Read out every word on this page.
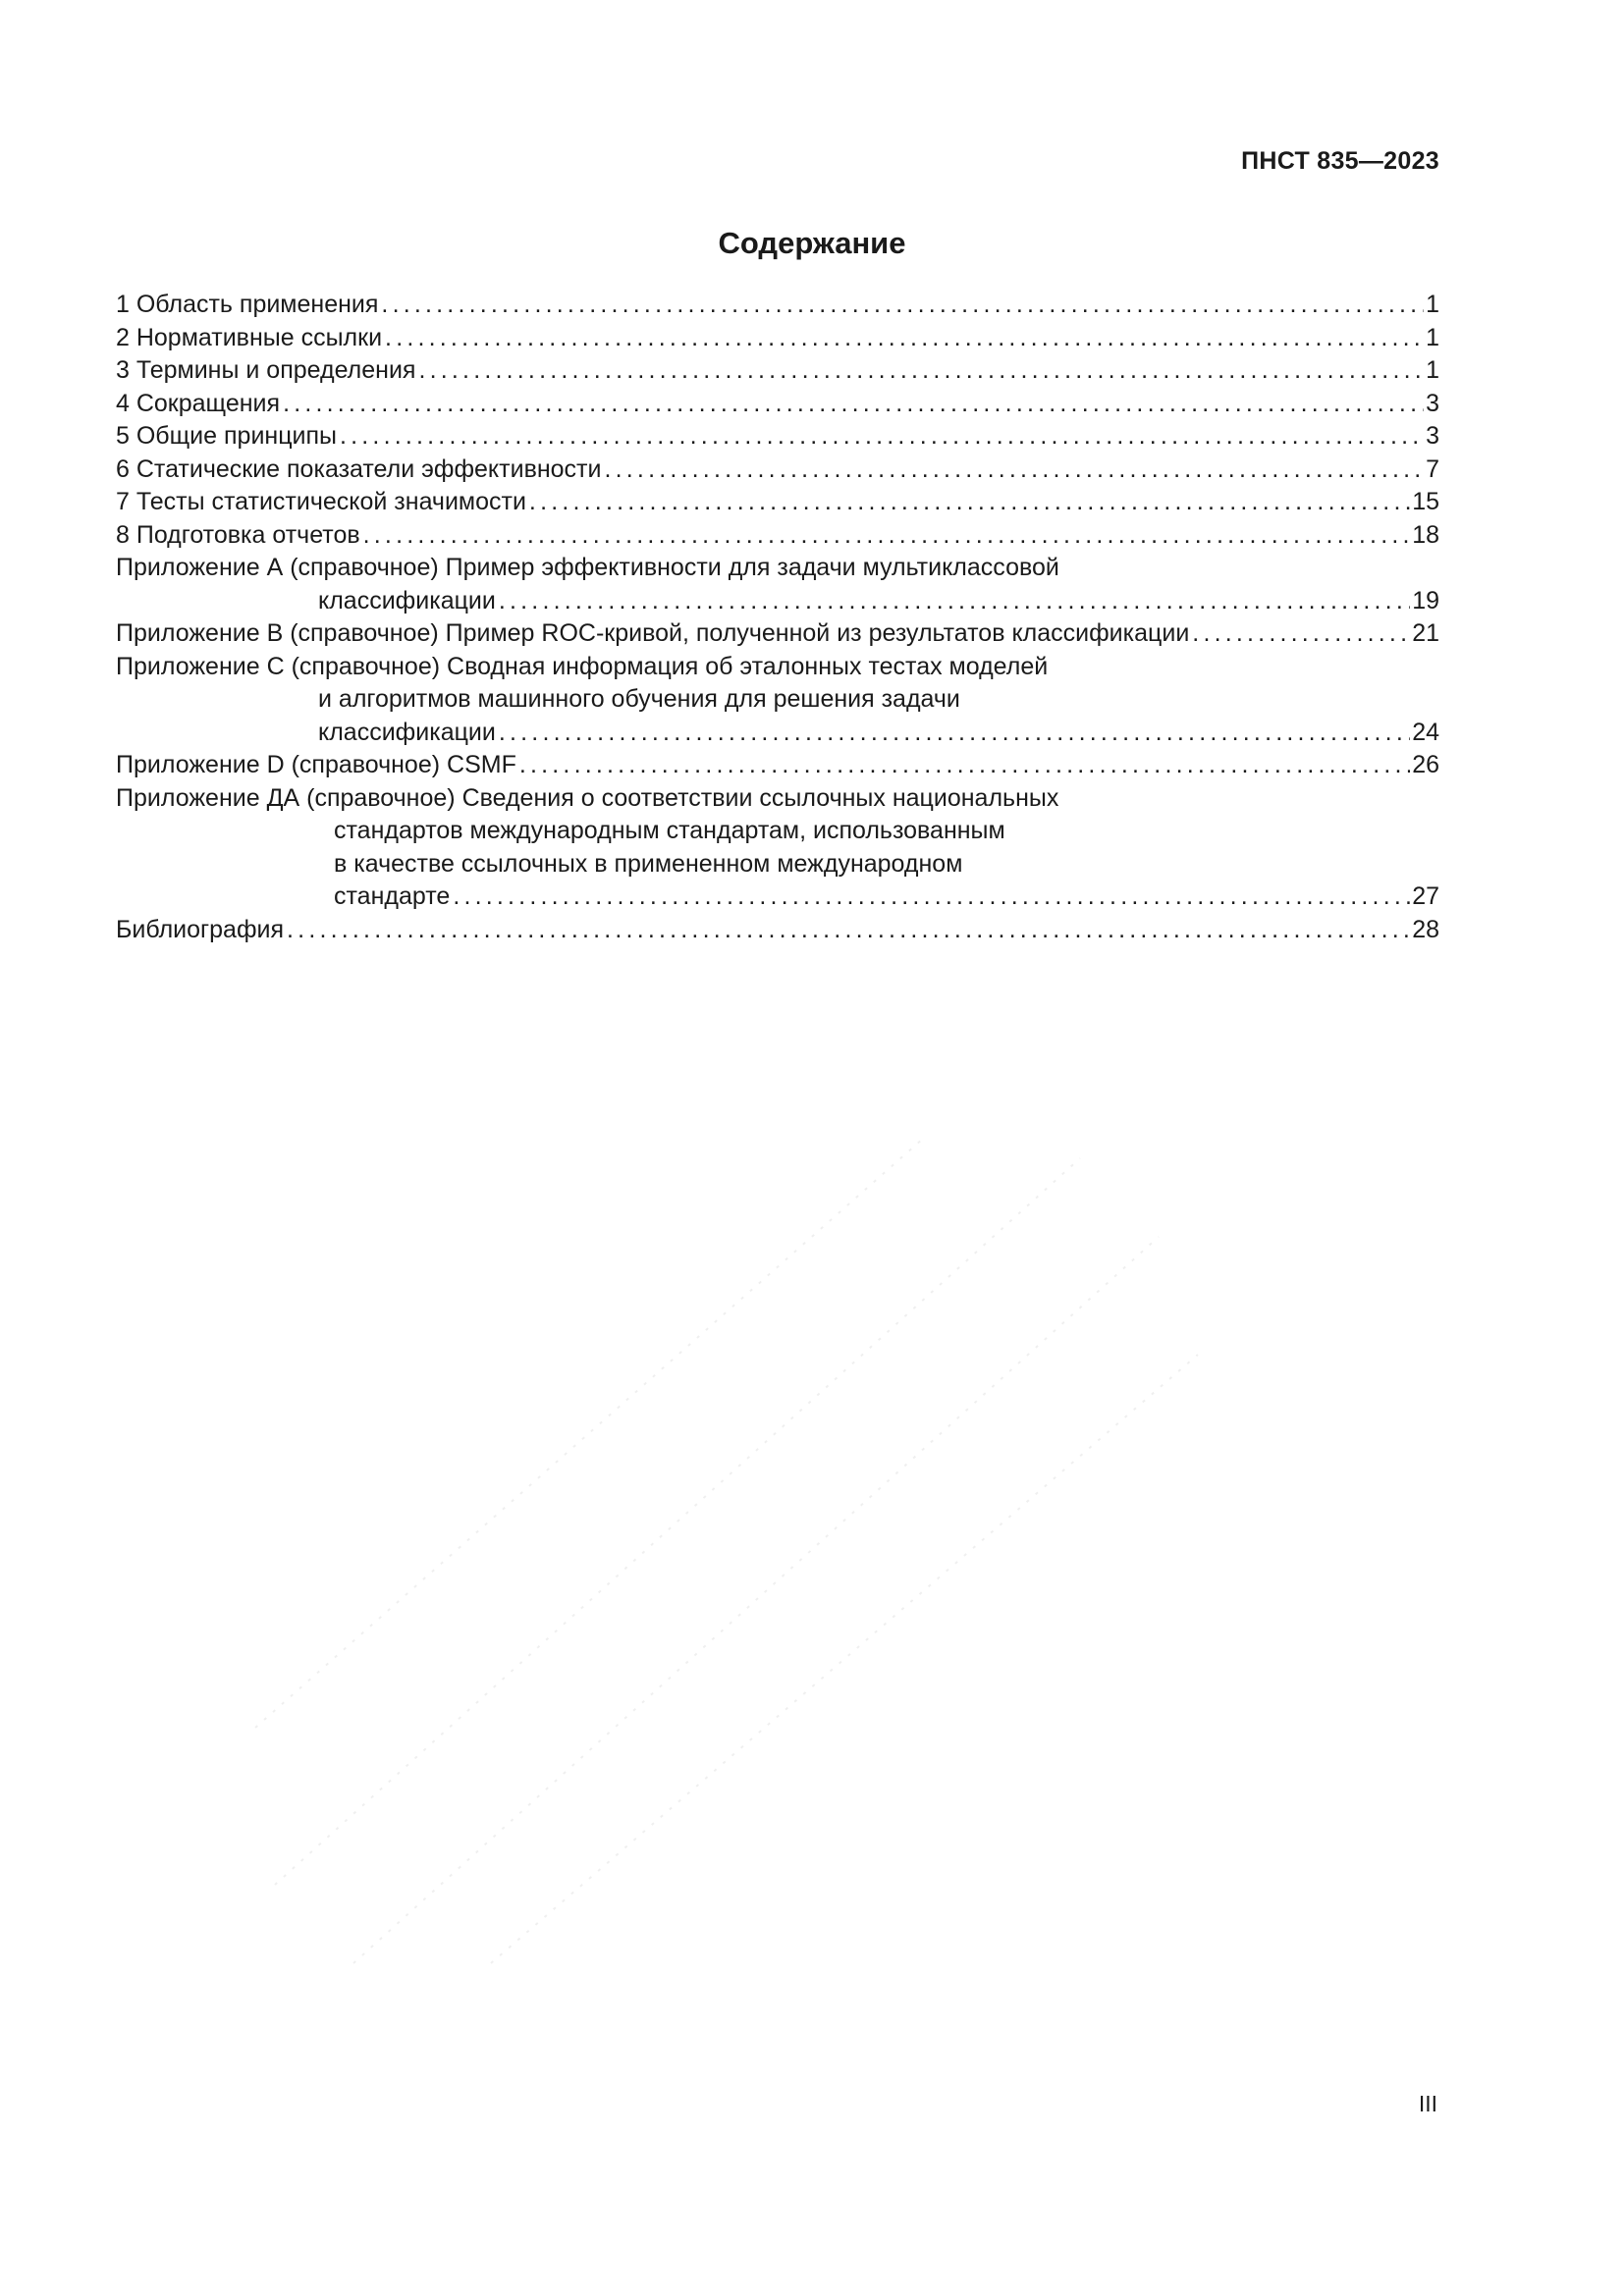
ПНСТ 835—2023
Содержание
1 Область применения .....	1
2 Нормативные ссылки .....	1
3 Термины и определения .....	1
4 Сокращения .....	3
5 Общие принципы .....	3
6 Статические показатели эффективности .....	7
7 Тесты статистической значимости .....	15
8 Подготовка отчетов .....	18
Приложение А (справочное) Пример эффективности для задачи мультиклассовой
классификации .....	19
Приложение В (справочное) Пример ROC-кривой, полученной из результатов классификации .....	21
Приложение С (справочное) Сводная информация об эталонных тестах моделей
и алгоритмов машинного обучения для решения задачи
классификации .....	24
Приложение D (справочное) CSMF .....	26
Приложение ДА (справочное) Сведения о соответствии ссылочных национальных
стандартов международным стандартам, использованным
в качестве ссылочных в примененном международном
стандарте .....	27
Библиография .....	28
III
